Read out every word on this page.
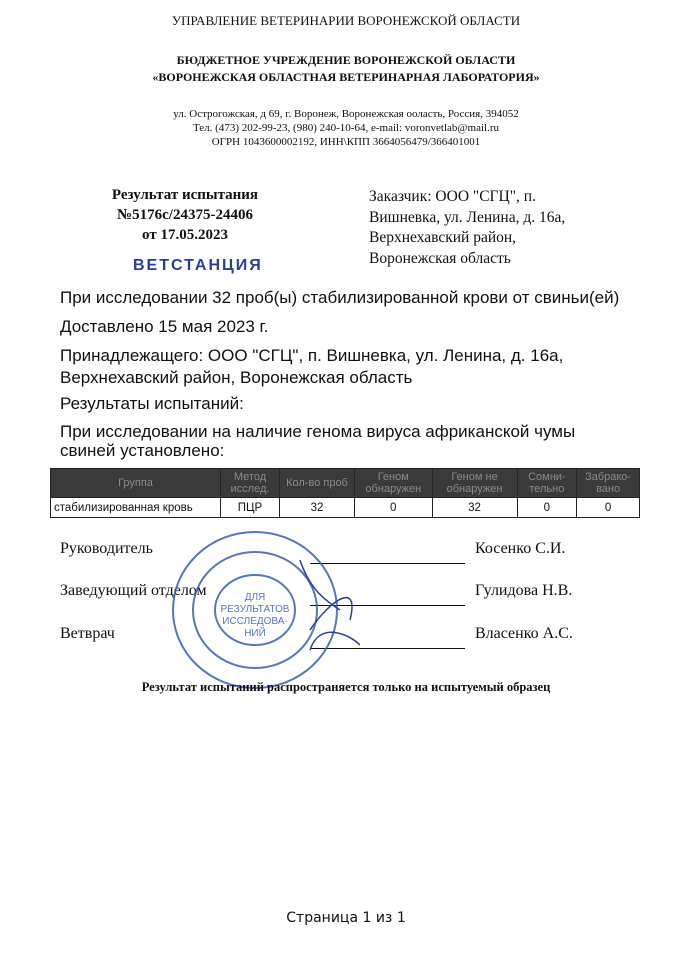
УПРАВЛЕНИЕ ВЕТЕРИНАРИИ ВОРОНЕЖСКОЙ ОБЛАСТИ
БЮДЖЕТНОЕ УЧРЕЖДЕНИЕ ВОРОНЕЖСКОЙ ОБЛАСТИ
«ВОРОНЕЖСКАЯ ОБЛАСТНАЯ ВЕТЕРИНАРНАЯ ЛАБОРАТОРИЯ»
ул. Острогожская, д 69, г. Воронеж, Воронежская ооласть, Россия, 394052
Тел. (473) 202-99-23, (980) 240-10-64, e-mail: voronvetlab@mail.ru
ОГРН 1043600002192, ИНН\КПП 3664056479/366401001
Результат испытания
№5176с/24375-24406
от 17.05.2023
ВЕТСТАНЦИЯ
Заказчик: ООО "СГЦ", п.
Вишневка, ул. Ленина, д. 16а,
Верхнехавский район,
Воронежская область
При исследовании 32 проб(ы) стабилизированной крови от свиньи(ей)
Доставлено 15 мая 2023 г.
Принадлежащего: ООО "СГЦ", п. Вишневка, ул. Ленина, д. 16а,
Верхнехавский район, Воронежская область
Результаты испытаний:
При исследовании на наличие генома вируса африканской чумы
свиней установлено:
Группа	Метод исслед.	Кол-во проб	Геном обнаружен	Геном не обнаружен	Сомни-тельно	Забрако-вано
стабилизированная кровь	ПЦР	32	0	32	0	0
Руководитель	Косенко С.И.
Заведующий отделом	Гулидова Н.В.
Ветврач	Власенко А.С.
ДЛЯ
РЕЗУЛЬТАТОВ
ИССЛЕДОВА-
НИЙ
Результат испытаний распространяется только на испытуемый образец
Страница 1 из 1
